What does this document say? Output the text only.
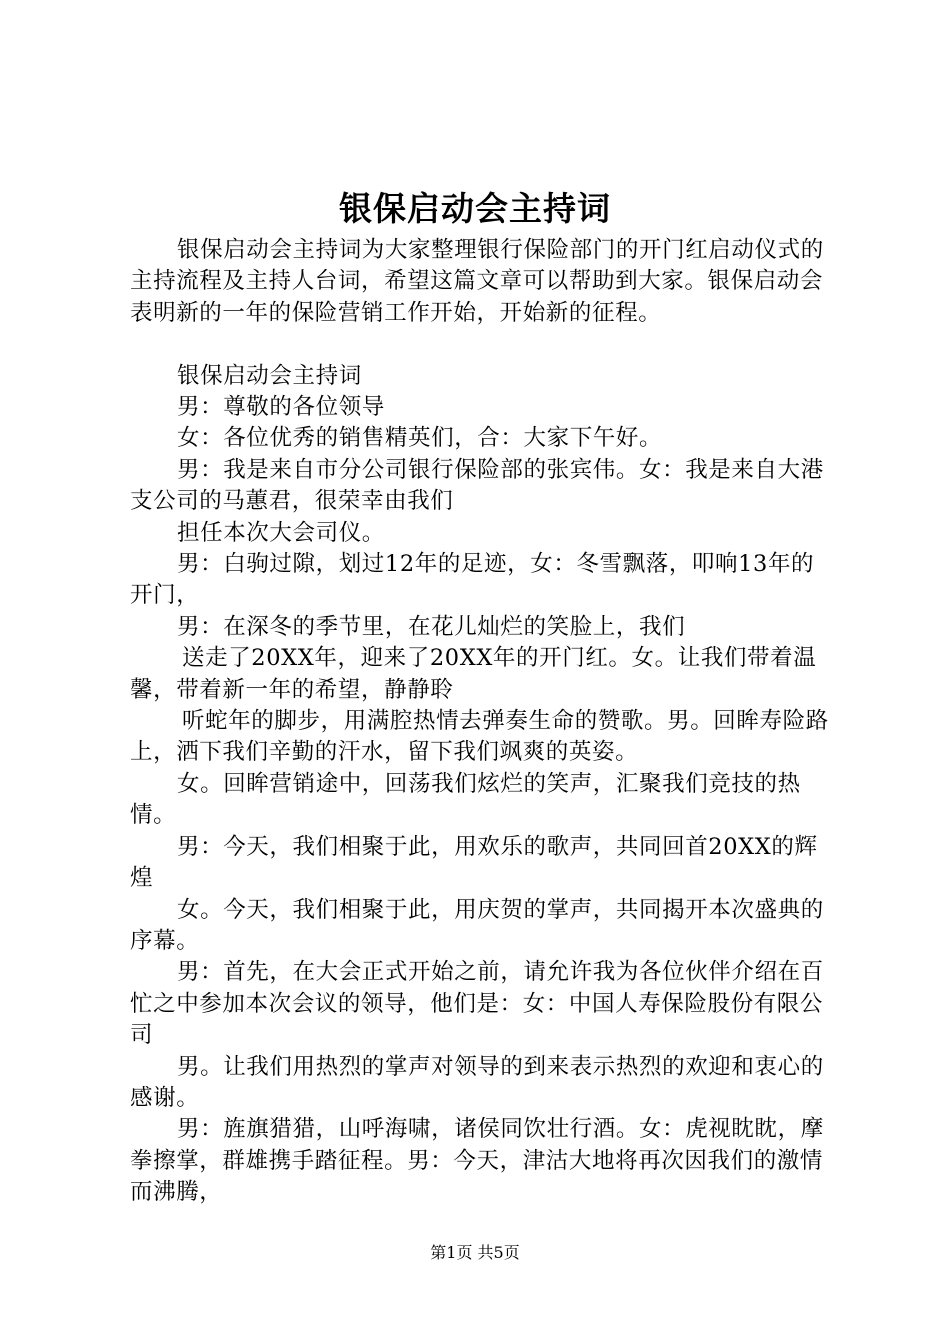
银保启动会主持词

银保启动会主持词为大家整理银行保险部门的开门红启动仪式的主持流程及主持人台词，希望这篇文章可以帮助到大家。银保启动会表明新的一年的保险营销工作开始，开始新的征程。

银保启动会主持词

男：尊敬的各位领导

女：各位优秀的销售精英们，合：大家下午好。

男：我是来自市分公司银行保险部的张宾伟。女：我是来自大港支公司的马蕙君，很荣幸由我们

担任本次大会司仪。

男：白驹过隙，划过12年的足迹，女：冬雪飘落，叩响13年的开门，

男：在深冬的季节里，在花儿灿烂的笑脸上，我们

送走了20XX年，迎来了20XX年的开门红。女。让我们带着温馨，带着新一年的希望，静静聆

听蛇年的脚步，用满腔热情去弹奏生命的赞歌。男。回眸寿险路上，洒下我们辛勤的汗水，留下我们飒爽的英姿。

女。回眸营销途中，回荡我们炫烂的笑声，汇聚我们竞技的热情。

男：今天，我们相聚于此，用欢乐的歌声，共同回首20XX的辉煌

女。今天，我们相聚于此，用庆贺的掌声，共同揭开本次盛典的序幕。

男：首先，在大会正式开始之前，请允许我为各位伙伴介绍在百忙之中参加本次会议的领导，他们是：女：中国人寿保险股份有限公司

男。让我们用热烈的掌声对领导的到来表示热烈的欢迎和衷心的感谢。

男：旌旗猎猎，山呼海啸，诸侯同饮壮行酒。女：虎视眈眈，摩拳擦掌，群雄携手踏征程。男：今天，津沽大地将再次因我们的激情而沸腾，

第1页 共5页
